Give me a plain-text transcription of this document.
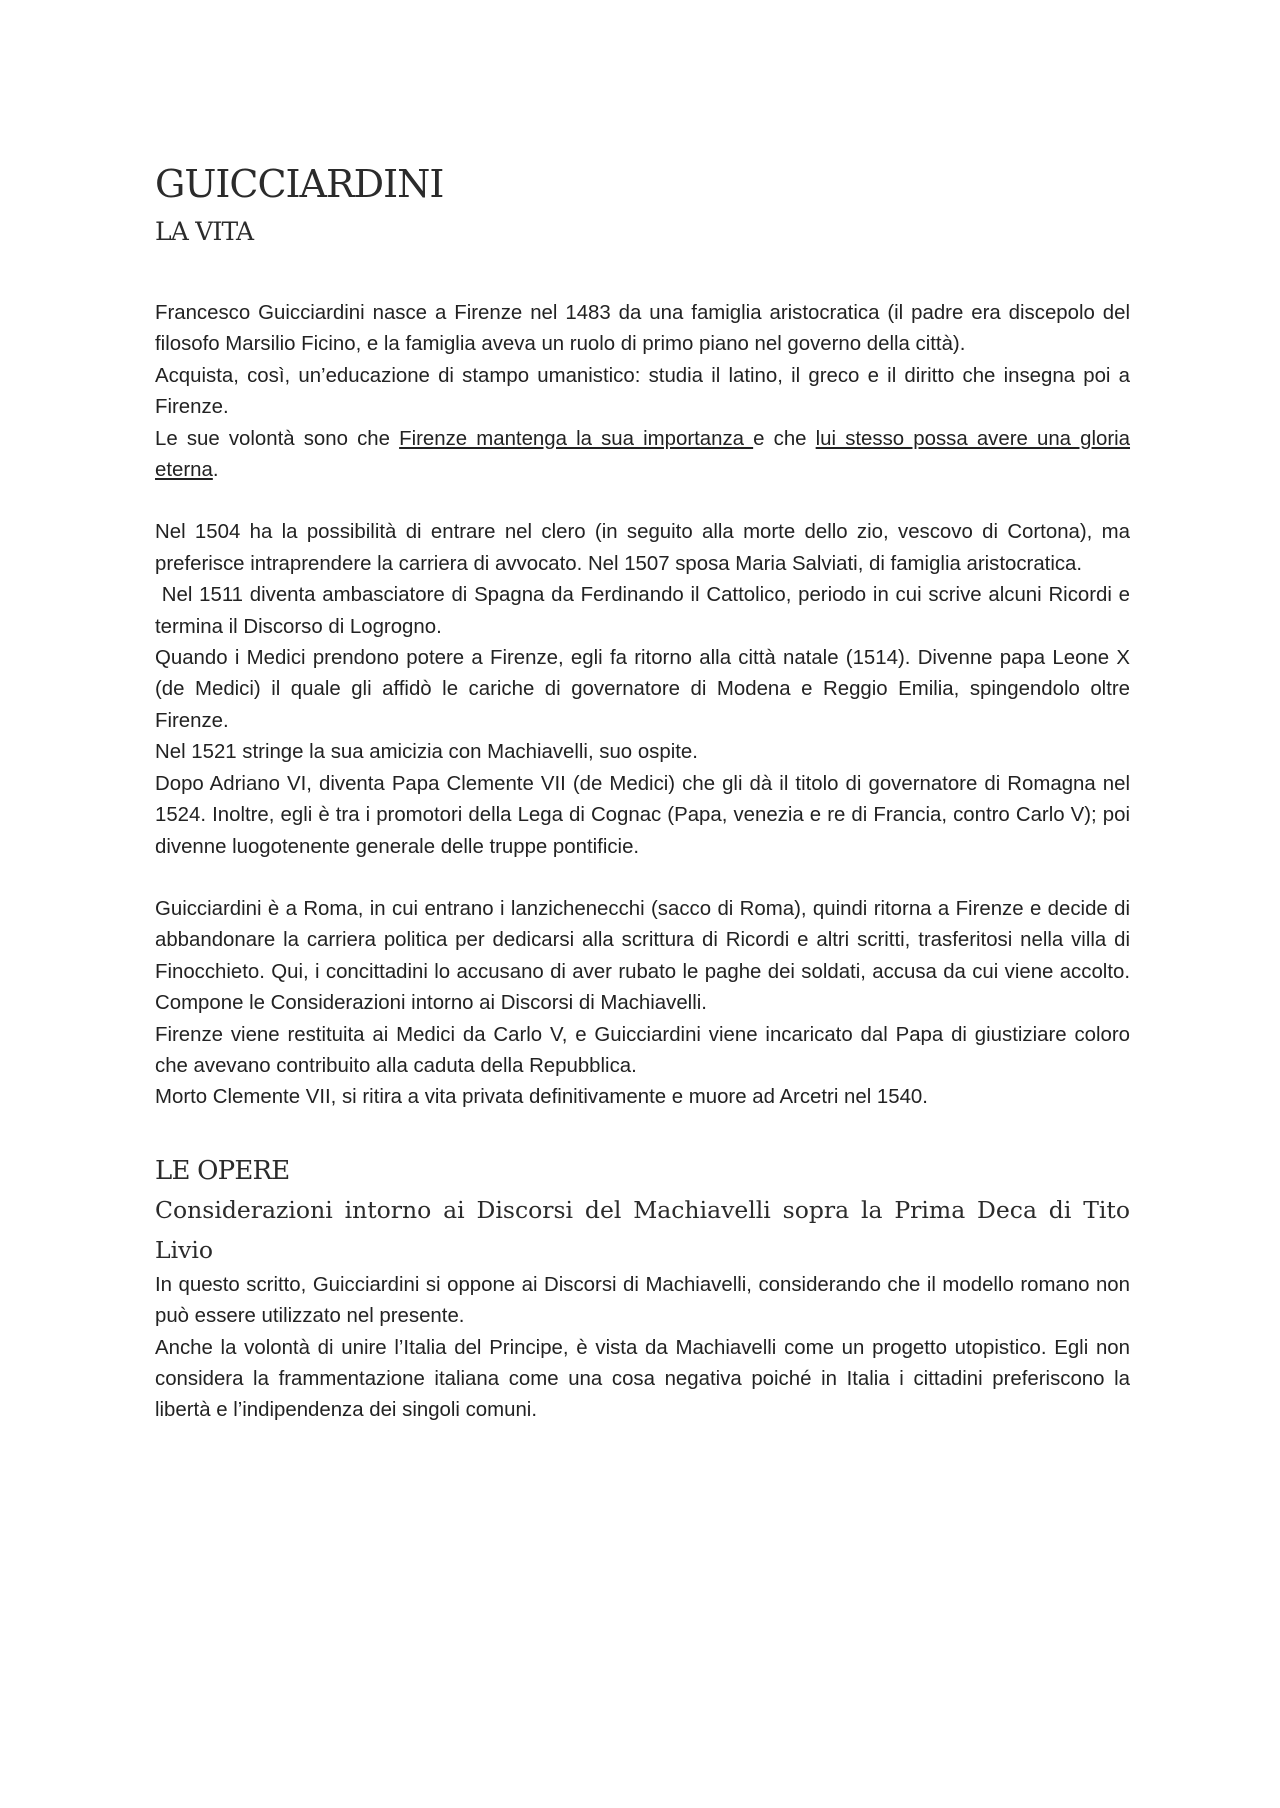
GUICCIARDINI
LA VITA

Francesco Guicciardini nasce a Firenze nel 1483 da una famiglia aristocratica (il padre era discepolo del filosofo Marsilio Ficino, e la famiglia aveva un ruolo di primo piano nel governo della città).

Acquista, così, un’educazione di stampo umanistico: studia il latino, il greco e il diritto che insegna poi a Firenze.

Le sue volontà sono che Firenze mantenga la sua importanza e che lui stesso possa avere una gloria eterna.

Nel 1504 ha la possibilità di entrare nel clero (in seguito alla morte dello zio, vescovo di Cortona), ma preferisce intraprendere la carriera di avvocato. Nel 1507 sposa Maria Salviati, di famiglia aristocratica.

Nel 1511 diventa ambasciatore di Spagna da Ferdinando il Cattolico, periodo in cui scrive alcuni Ricordi e termina il Discorso di Logrogno.

Quando i Medici prendono potere a Firenze, egli fa ritorno alla città natale (1514). Divenne papa Leone X (de Medici) il quale gli affidò le cariche di governatore di Modena e Reggio Emilia, spingendolo oltre Firenze.

Nel 1521 stringe la sua amicizia con Machiavelli, suo ospite.

Dopo Adriano VI, diventa Papa Clemente VII (de Medici) che gli dà il titolo di governatore di Romagna nel 1524. Inoltre, egli è tra i promotori della Lega di Cognac (Papa, venezia e re di Francia, contro Carlo V); poi divenne luogotenente generale delle truppe pontificie.

Guicciardini è a Roma, in cui entrano i lanzichenecchi (sacco di Roma), quindi ritorna a Firenze e decide di abbandonare la carriera politica per dedicarsi alla scrittura di Ricordi e altri scritti, trasferitosi nella villa di Finocchieto. Qui, i concittadini lo accusano di aver rubato le paghe dei soldati, accusa da cui viene accolto. Compone le Considerazioni intorno ai Discorsi di Machiavelli.

Firenze viene restituita ai Medici da Carlo V, e Guicciardini viene incaricato dal Papa di giustiziare coloro che avevano contribuito alla caduta della Repubblica.

Morto Clemente VII, si ritira a vita privata definitivamente e muore ad Arcetri nel 1540.

LE OPERE
Considerazioni intorno ai Discorsi del Machiavelli sopra la Prima Deca di Tito Livio

In questo scritto, Guicciardini si oppone ai Discorsi di Machiavelli, considerando che il modello romano non può essere utilizzato nel presente.

Anche la volontà di unire l’Italia del Principe, è vista da Machiavelli come un progetto utopistico. Egli non considera la frammentazione italiana come una cosa negativa poiché in Italia i cittadini preferiscono la libertà e l’indipendenza dei singoli comuni.
